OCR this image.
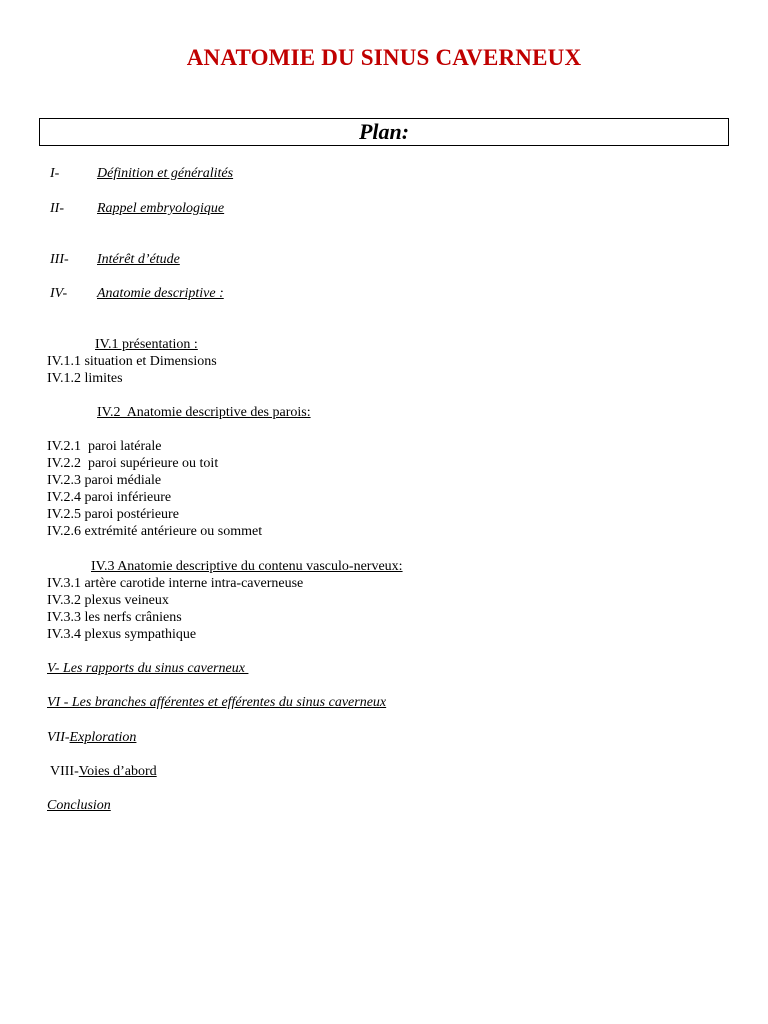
ANATOMIE DU SINUS CAVERNEUX
Plan:
I-	Définition et généralités
II- Rappel embryologique
III- Intérêt d’étude
IV- Anatomie descriptive :
IV.1 présentation :
IV.1.1 situation et Dimensions
IV.1.2 limites
IV.2  Anatomie descriptive des parois:
IV.2.1  paroi latérale
IV.2.2  paroi supérieure ou toit
IV.2.3 paroi médiale
IV.2.4 paroi inférieure
IV.2.5 paroi postérieure
IV.2.6 extrémité antérieure ou sommet
IV.3 Anatomie descriptive du contenu vasculo-nerveux:
IV.3.1 artère carotide interne intra-caverneuse
IV.3.2 plexus veineux
IV.3.3 les nerfs crâniens
IV.3.4 plexus sympathique
V- Les rapports du sinus caverneux
VI - Les branches afférentes et efférentes du sinus caverneux
VII-Exploration
VIII-Voies d’abord
Conclusion
